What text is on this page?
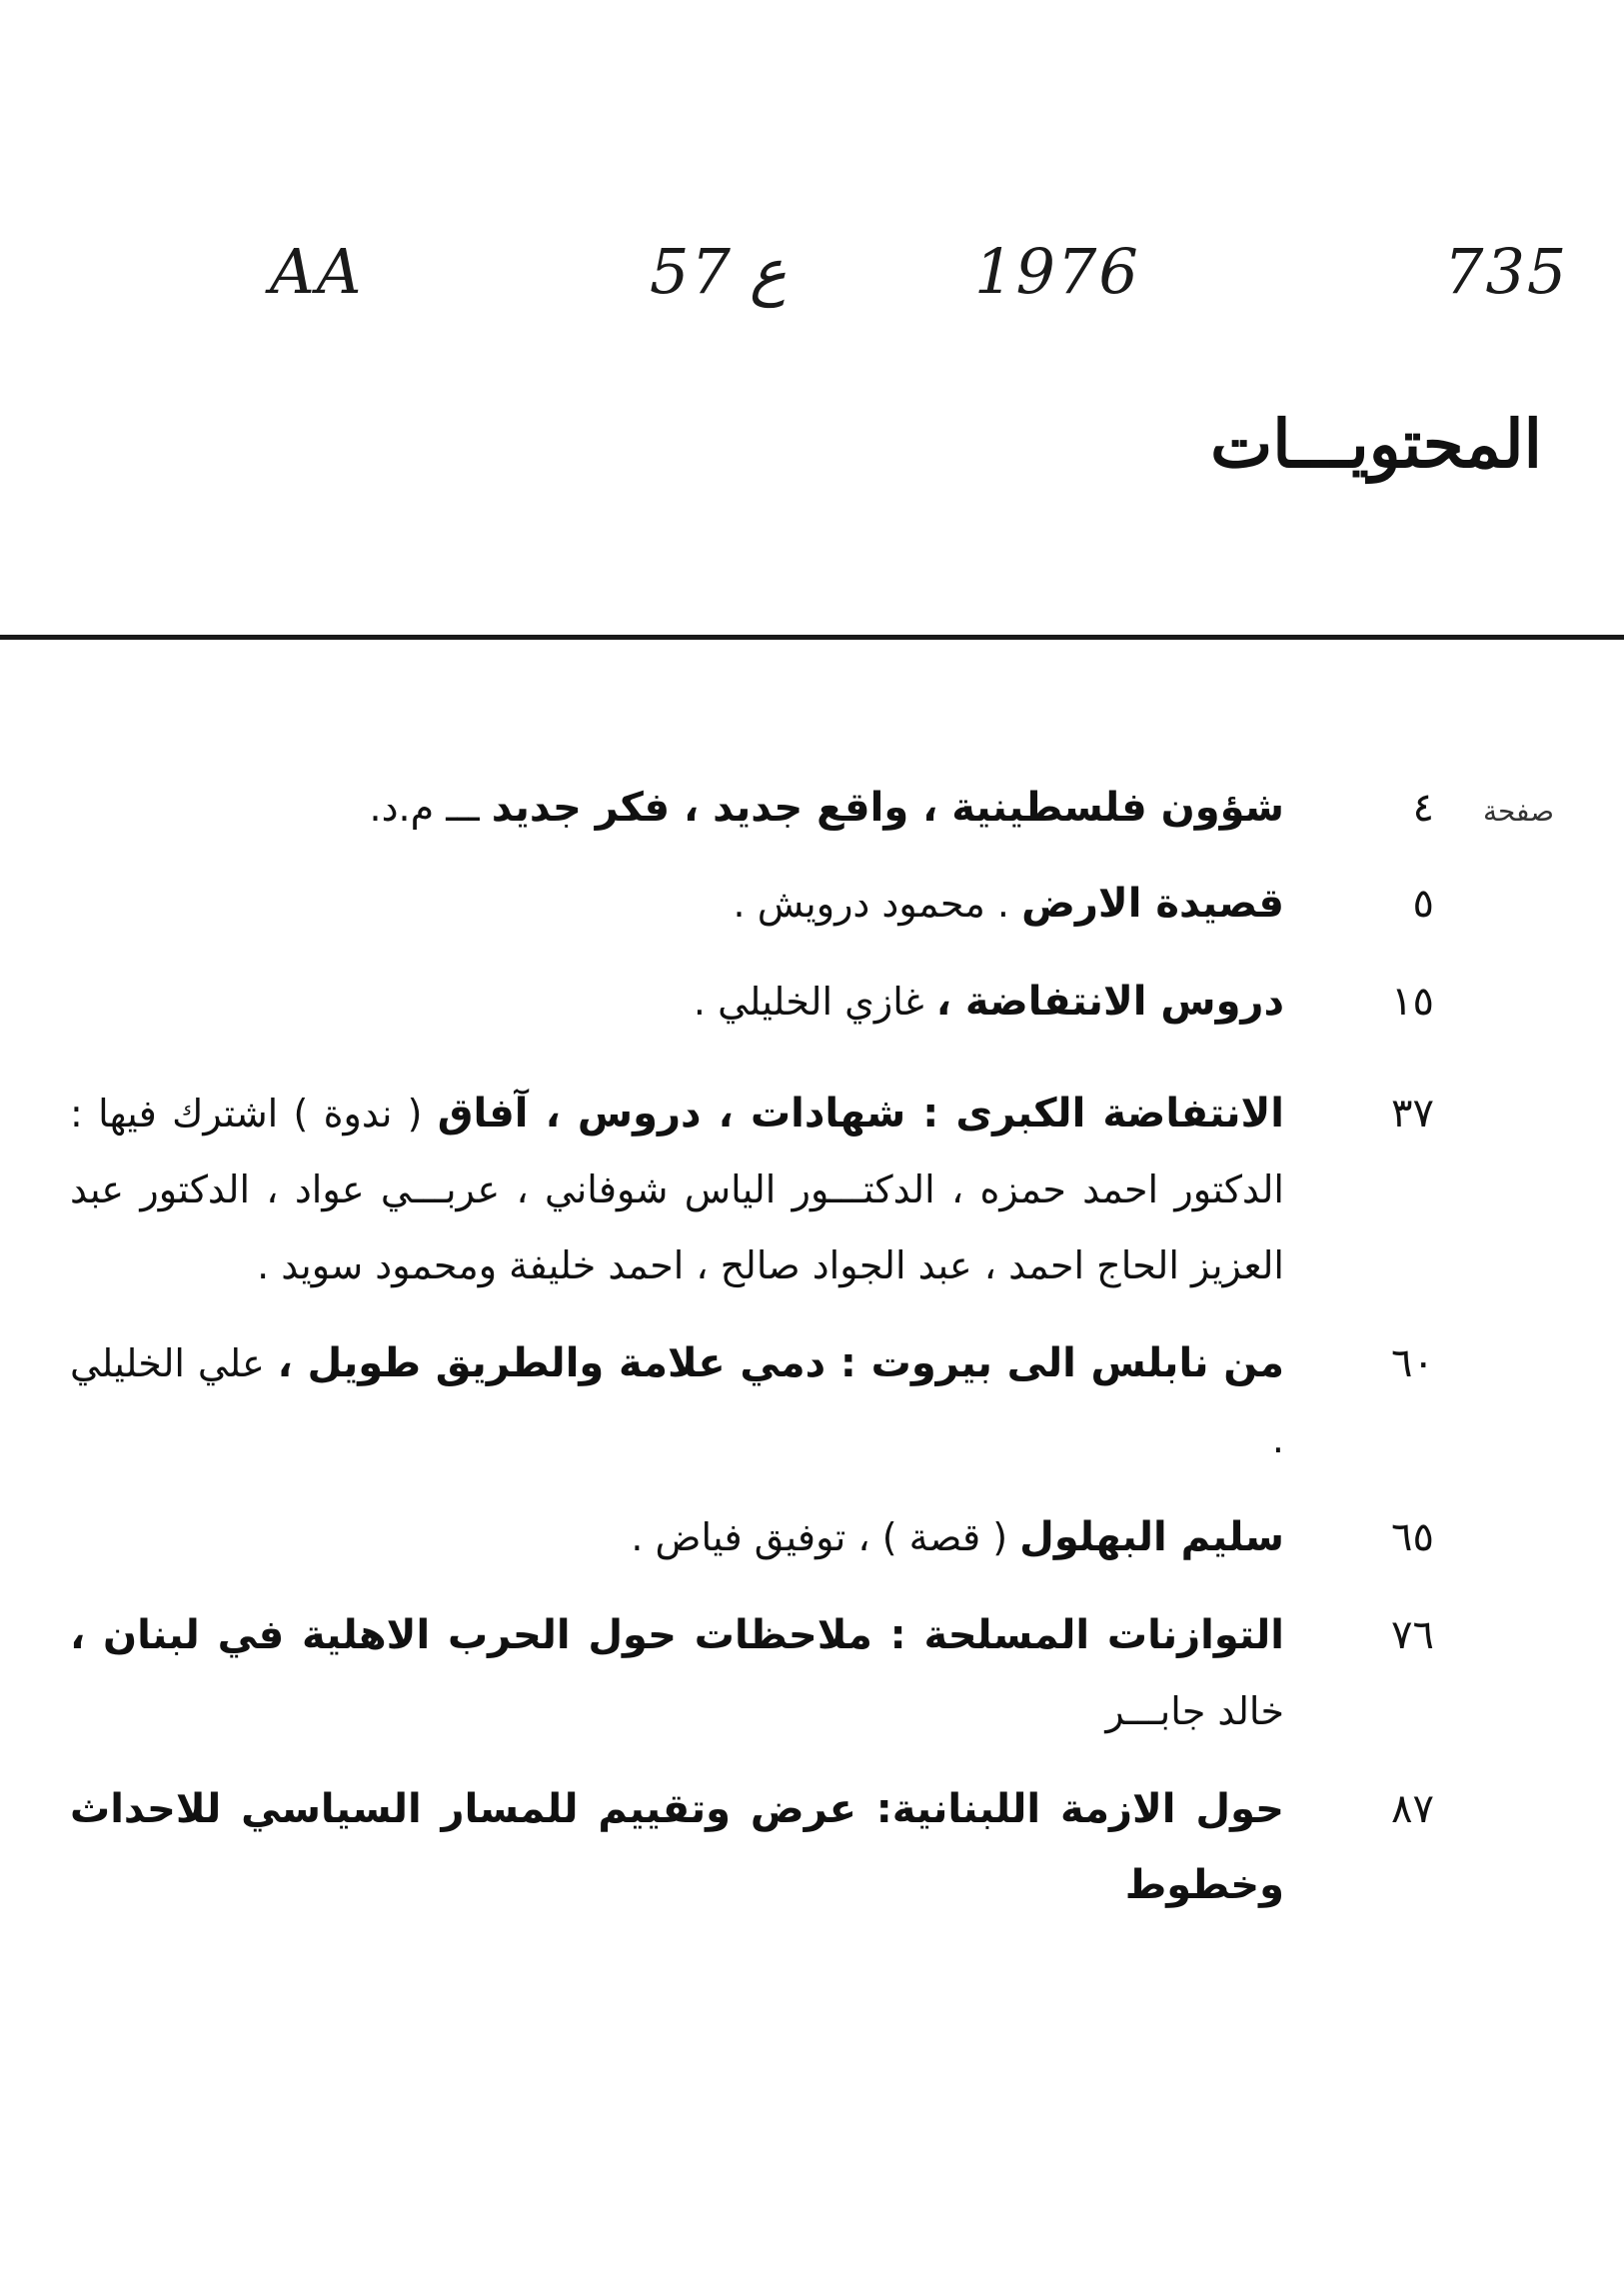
735
1976
ع
57
AA
المحتويـــات
صفحة
٤
شؤون فلسطينية ، واقع جديد ، فكر جديد ـــ م.د.
٥
قصيدة الارض . محمود درويش .
١٥
دروس الانتفاضة ، غازي الخليلي .
٣٧
الانتفاضة الكبرى : شهادات ، دروس ، آفاق ( ندوة ) اشترك فيها : الدكتور احمد حمزه ، الدكتـــور الياس شوفاني ، عربـــي عواد ، الدكتور عبد العزيز الحاج احمد ، عبد الجواد صالح ، احمد خليفة ومحمود سويد .
٦٠
من نابلس الى بيروت : دمي علامة والطريق طويل ، علي الخليلي .
٦٥
سليم البهلول ( قصة ) ، توفيق فياض .
٧٦
التوازنات المسلحة : ملاحظات حول الحرب الاهلية في لبنان ، خالد جابـــر
٨٧
حول الازمة اللبنانية: عرض وتقييم للمسار السياسي للاحداث وخطوط
